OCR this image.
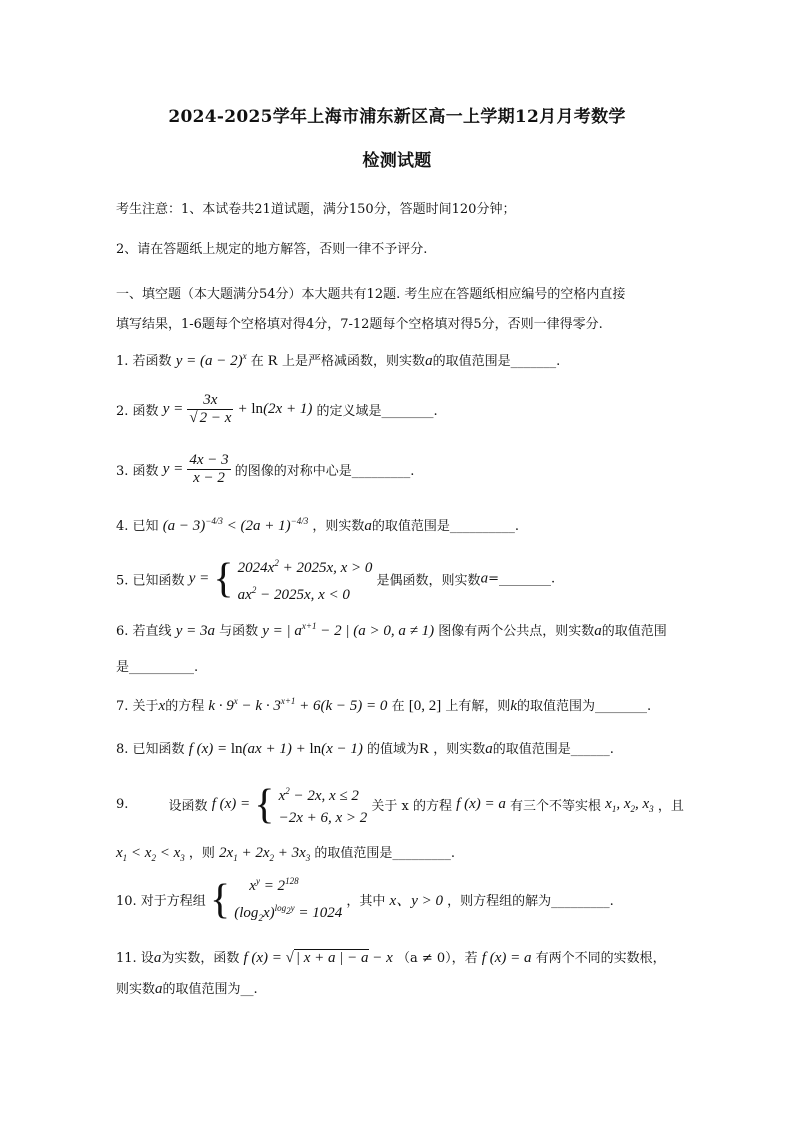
2024-2025学年上海市浦东新区高一上学期12月月考数学
检测试题
考生注意：1、本试卷共21道试题，满分150分，答题时间120分钟；
2、请在答题纸上规定的地方解答，否则一律不予评分.
一、填空题（本大题满分54分）本大题共有12题. 考生应在答题纸相应编号的空格内直接
填写结果，1-6题每个空格填对得4分，7-12题每个空格填对得5分，否则一律得零分.
1. 若函数 $y = (a - 2)^x$ 在 R 上是严格减函数，则实数a的取值范围是_______.
2. 函数 $y = \frac{3x}{√ 2 - x} + \ln(2x + 1)$ 的定义域是________.
3. 函数 $y = \frac{4x - 3}{x - 2}$ 的图像的对称中心是_________.
4. 已知 $(a - 3)^{-4/3} < (2a + 1)^{-4/3}$ ，则实数a的取值范围是__________.
5. 已知函数 y = { $2024x^2 + 2025x$, x > 0
$ax^2 - 2025x$, x < 0 是偶函数，则实数a=________.
6. 若直线 y = 3a 与函数 y = | $a^{x+1} - 2$ | (a > 0, a ≠ 1) 图像有两个公共点，则实数a的取值范围
是__________.
7. 关于x的方程 $k \cdot 9^x - k \cdot 3^{x+1} + 6(k - 5) = 0$ 在 [0, 2] 上有解，则k的取值范围为________.
8. 已知函数 f (x) = ln(ax + 1) + ln(x − 1) 的值域为R ，则实数a的取值范围是______.
9.	设函数 f (x) = { $x^2 - 2x$, x ≤ 2
−2x + 6, x > 2 关于 x 的方程 f (x) = a 有三个不等实根 $x_1$, $x_2$, $x_3$ ，且
$x_1 < x_2 < x_3$ ，则 $2x_1 + 2x_2 + 3x_3$ 的取值范围是_________.
10. 对于方程组 {     $x^y = 2^{128}$
$(\log_2x)^{log_2y} = 1024$ ，其中 x、y > 0 ，则方程组的解为_________.
11. 设a为实数，函数 f (x) = √ | x + a | − a − x （a ≠ 0），若 f (x) = a 有两个不同的实数根，
则实数a的取值范围为__.
